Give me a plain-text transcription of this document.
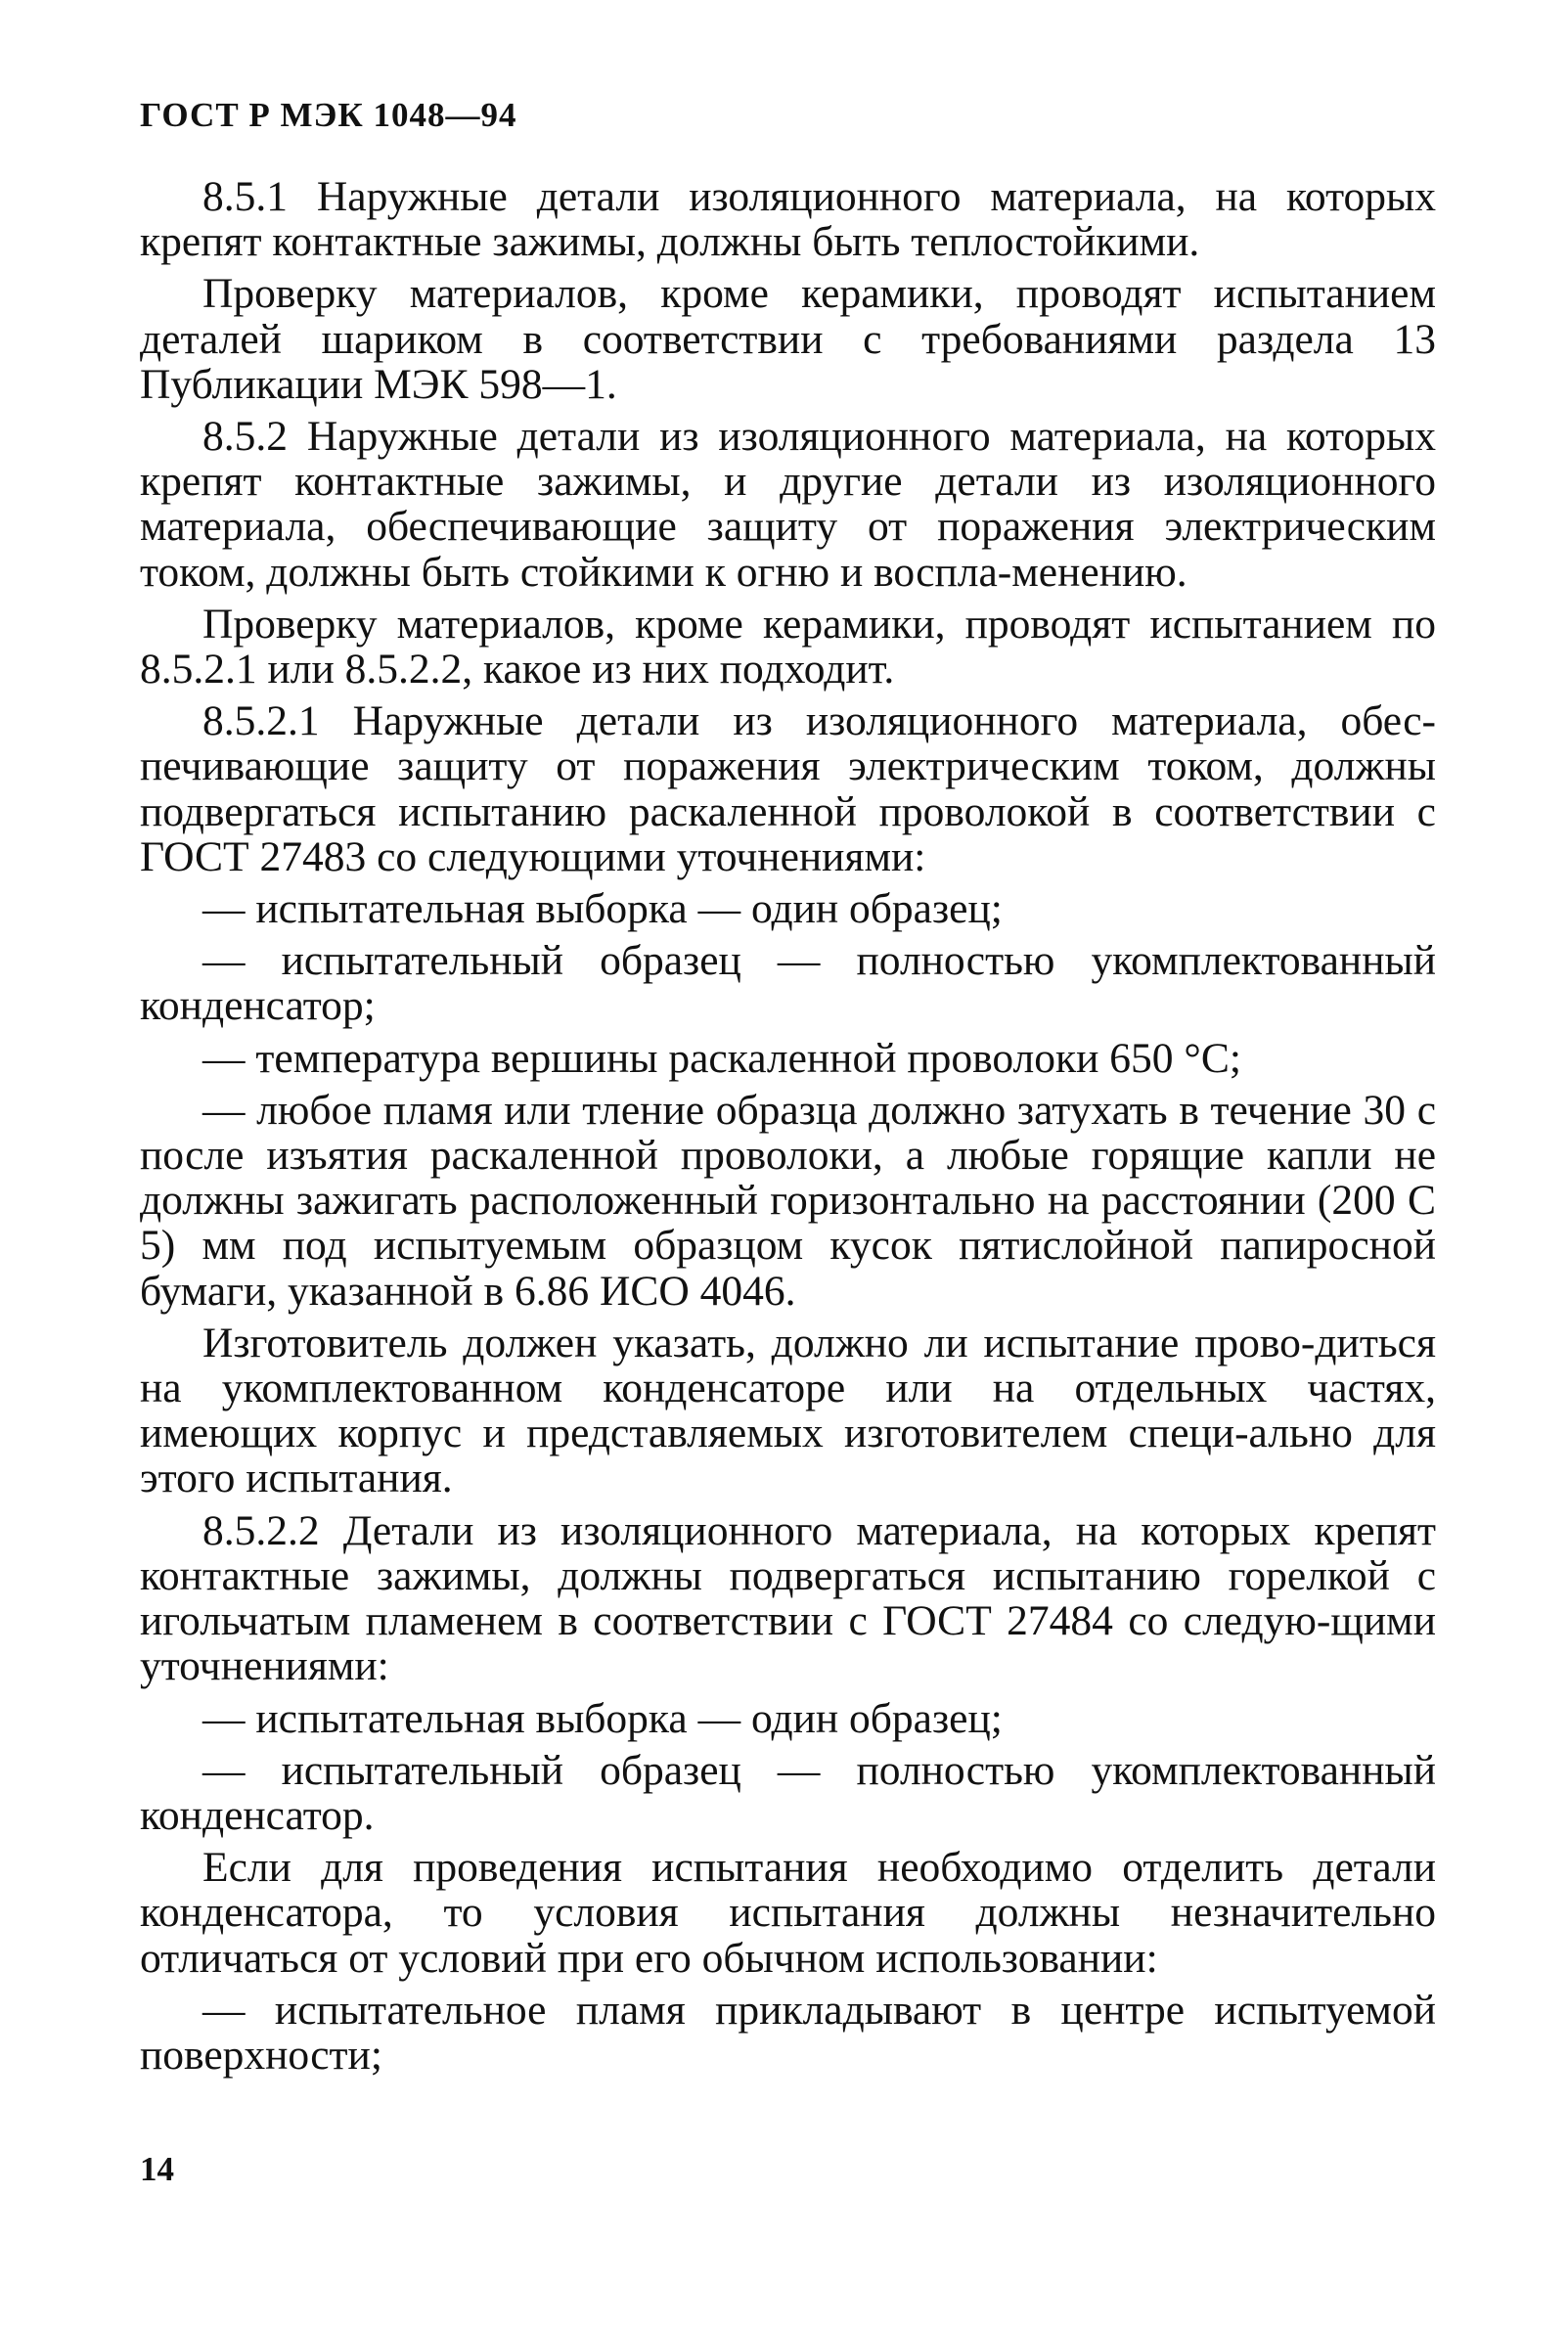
ГОСТ Р МЭК 1048—94

8.5.1 Наружные детали изоляционного материала, на которых крепят контактные зажимы, должны быть теплостойкими.

Проверку материалов, кроме керамики, проводят испытанием деталей шариком в соответствии с требованиями раздела 13 Публикации МЭК 598—1.

8.5.2 Наружные детали из изоляционного материала, на которых крепят контактные зажимы, и другие детали из изоляционного материала, обеспечивающие защиту от поражения электрическим током, должны быть стойкими к огню и воспла-менению.

Проверку материалов, кроме керамики, проводят испытанием по 8.5.2.1 или 8.5.2.2, какое из них подходит.

8.5.2.1 Наружные детали из изоляционного материала, обес-печивающие защиту от поражения электрическим током, должны подвергаться испытанию раскаленной проволокой в соответствии с ГОСТ 27483 со следующими уточнениями:

— испытательная выборка — один образец;

— испытательный образец — полностью укомплектованный конденсатор;

— температура вершины раскаленной проволоки 650 °С;

— любое пламя или тление образца должно затухать в течение 30 с после изъятия раскаленной проволоки, а любые горящие капли не должны зажигать расположенный горизонтально на расстоянии (200 С 5) мм под испытуемым образцом кусок пятислойной папиросной бумаги, указанной в 6.86 ИСО 4046.

Изготовитель должен указать, должно ли испытание прово-диться на укомплектованном конденсаторе или на отдельных частях, имеющих корпус и представляемых изготовителем специ-ально для этого испытания.

8.5.2.2 Детали из изоляционного материала, на которых крепят контактные зажимы, должны подвергаться испытанию горелкой с игольчатым пламенем в соответствии с ГОСТ 27484 со следую-щими уточнениями:

— испытательная выборка — один образец;

— испытательный образец — полностью укомплектованный конденсатор.

Если для проведения испытания необходимо отделить детали конденсатора, то условия испытания должны незначительно отличаться от условий при его обычном использовании:

— испытательное пламя прикладывают в центре испытуемой поверхности;

14
